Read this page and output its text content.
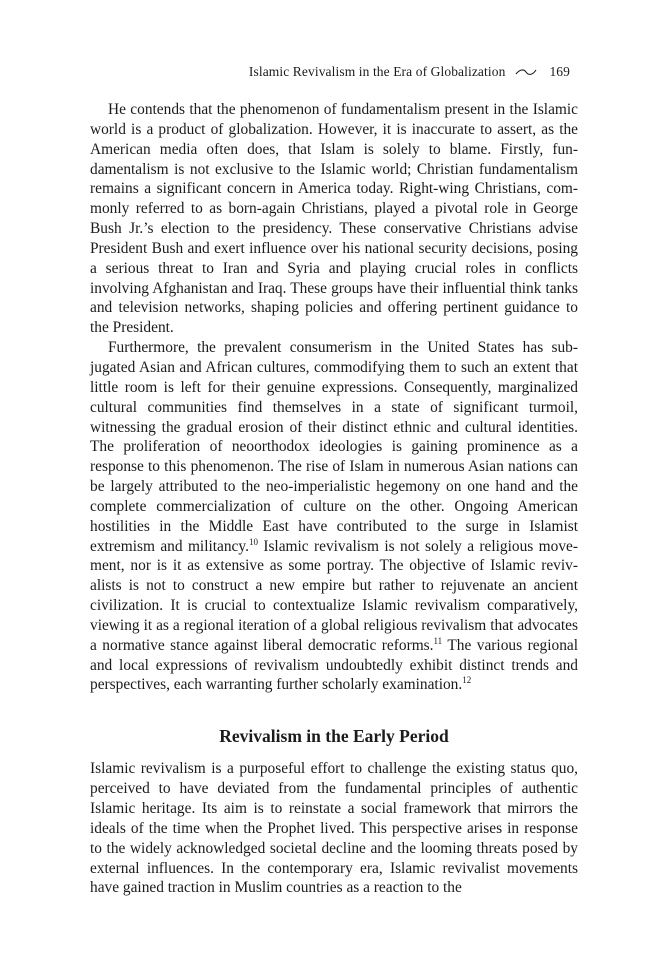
Islamic Revivalism in the Era of Globalization	169

He contends that the phenomenon of fundamentalism present in the Islamic world is a product of globalization. However, it is inaccurate to assert, as the American media often does, that Islam is solely to blame. Firstly, fundamentalism is not exclusive to the Islamic world; Christian fundamentalism remains a significant concern in America today. Right-wing Christians, commonly referred to as born-again Christians, played a pivotal role in George Bush Jr.’s election to the presidency. These conservative Christians advise President Bush and exert influence over his national security decisions, posing a serious threat to Iran and Syria and playing crucial roles in conflicts involving Afghanistan and Iraq. These groups have their influential think tanks and television networks, shaping policies and offering pertinent guidance to the President.

Furthermore, the prevalent consumerism in the United States has subjugated Asian and African cultures, commodifying them to such an extent that little room is left for their genuine expressions. Consequently, marginalized cultural communities find themselves in a state of significant turmoil, witnessing the gradual erosion of their distinct ethnic and cultural identities. The proliferation of neoorthodox ideologies is gaining prominence as a response to this phenomenon. The rise of Islam in numerous Asian nations can be largely attributed to the neo-imperialistic hegemony on one hand and the complete commercialization of culture on the other. Ongoing American hostilities in the Middle East have contributed to the surge in Islamist extremism and militancy.$^{10}$ Islamic revivalism is not solely a religious movement, nor is it as extensive as some portray. The objective of Islamic revivalists is not to construct a new empire but rather to rejuvenate an ancient civilization. It is crucial to contextualize Islamic revivalism comparatively, viewing it as a regional iteration of a global religious revivalism that advocates a normative stance against liberal democratic reforms.$^{11}$ The various regional and local expressions of revivalism undoubtedly exhibit distinct trends and perspectives, each warranting further scholarly examination.$^{12}$

Revivalism in the Early Period

Islamic revivalism is a purposeful effort to challenge the existing status quo, perceived to have deviated from the fundamental principles of authentic Islamic heritage. Its aim is to reinstate a social framework that mirrors the ideals of the time when the Prophet lived. This perspective arises in response to the widely acknowledged societal decline and the looming threats posed by external influences. In the contemporary era, Islamic revivalist movements have gained traction in Muslim countries as a reaction to the
